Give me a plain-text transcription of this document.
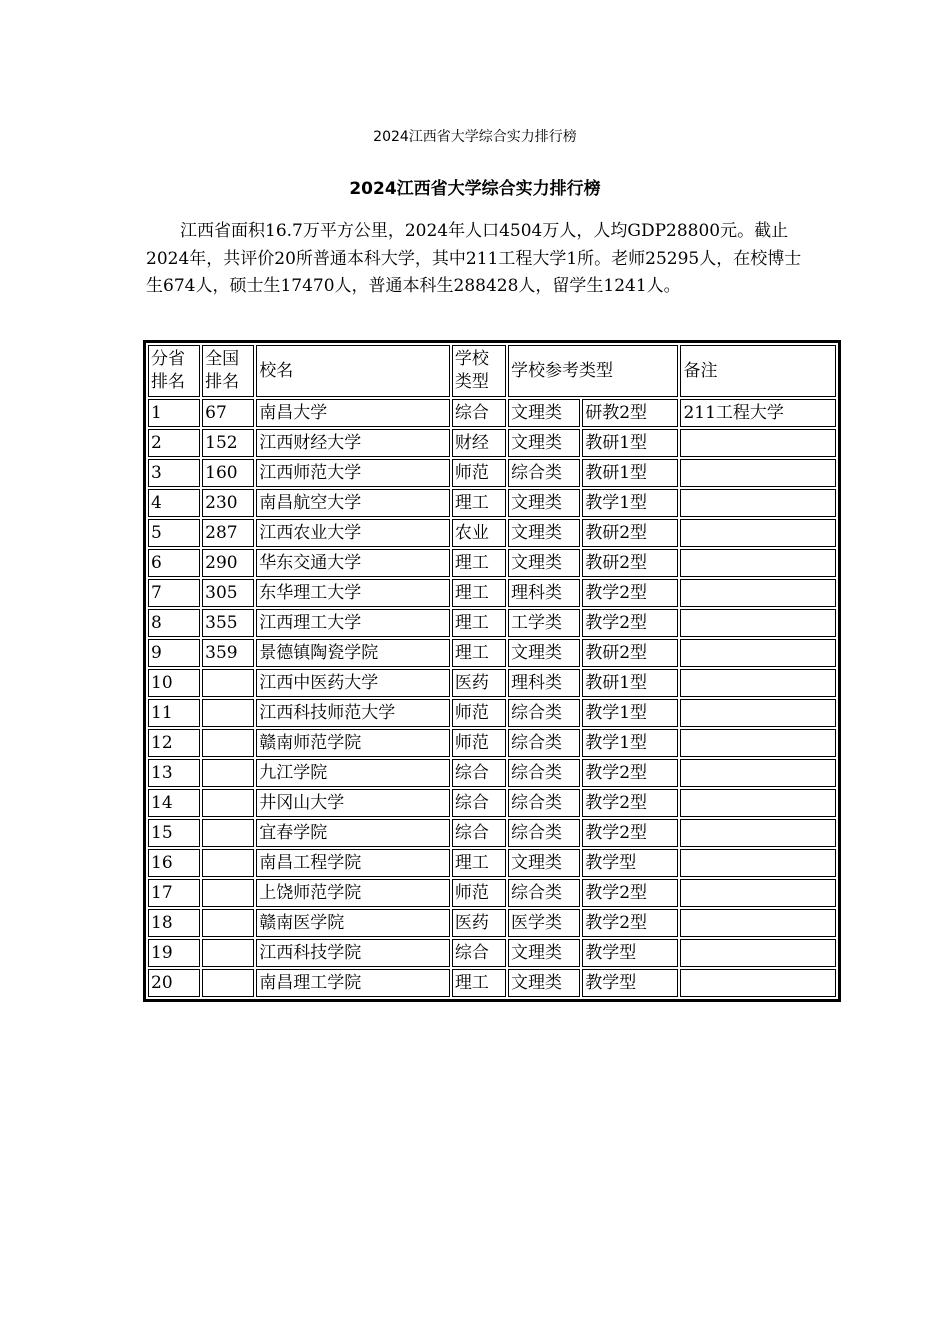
2024江西省大学综合实力排行榜
2024江西省大学综合实力排行榜

江西省面积16.7万平方公里，2024年人口4504万人，人均GDP28800元。截止2024年，共评价20所普通本科大学，其中211工程大学1所。老师25295人，在校博士生674人，硕士生17470人，普通本科生288428人，留学生1241人。

分省排名	全国排名	校名	学校类型	学校参考类型		备注
1	67	南昌大学	综合	文理类	研教2型	211工程大学
2	152	江西财经大学	财经	文理类	教研1型	
3	160	江西师范大学	师范	综合类	教研1型	
4	230	南昌航空大学	理工	文理类	教学1型	
5	287	江西农业大学	农业	文理类	教研2型	
6	290	华东交通大学	理工	文理类	教研2型	
7	305	东华理工大学	理工	理科类	教学2型	
8	355	江西理工大学	理工	工学类	教学2型	
9	359	景德镇陶瓷学院	理工	文理类	教研2型	
10		江西中医药大学	医药	理科类	教研1型	
11		江西科技师范大学	师范	综合类	教学1型	
12		赣南师范学院	师范	综合类	教学1型	
13		九江学院	综合	综合类	教学2型	
14		井冈山大学	综合	综合类	教学2型	
15		宜春学院	综合	综合类	教学2型	
16		南昌工程学院	理工	文理类	教学型	
17		上饶师范学院	师范	综合类	教学2型	
18		赣南医学院	医药	医学类	教学2型	
19		江西科技学院	综合	文理类	教学型	
20		南昌理工学院	理工	文理类	教学型	
